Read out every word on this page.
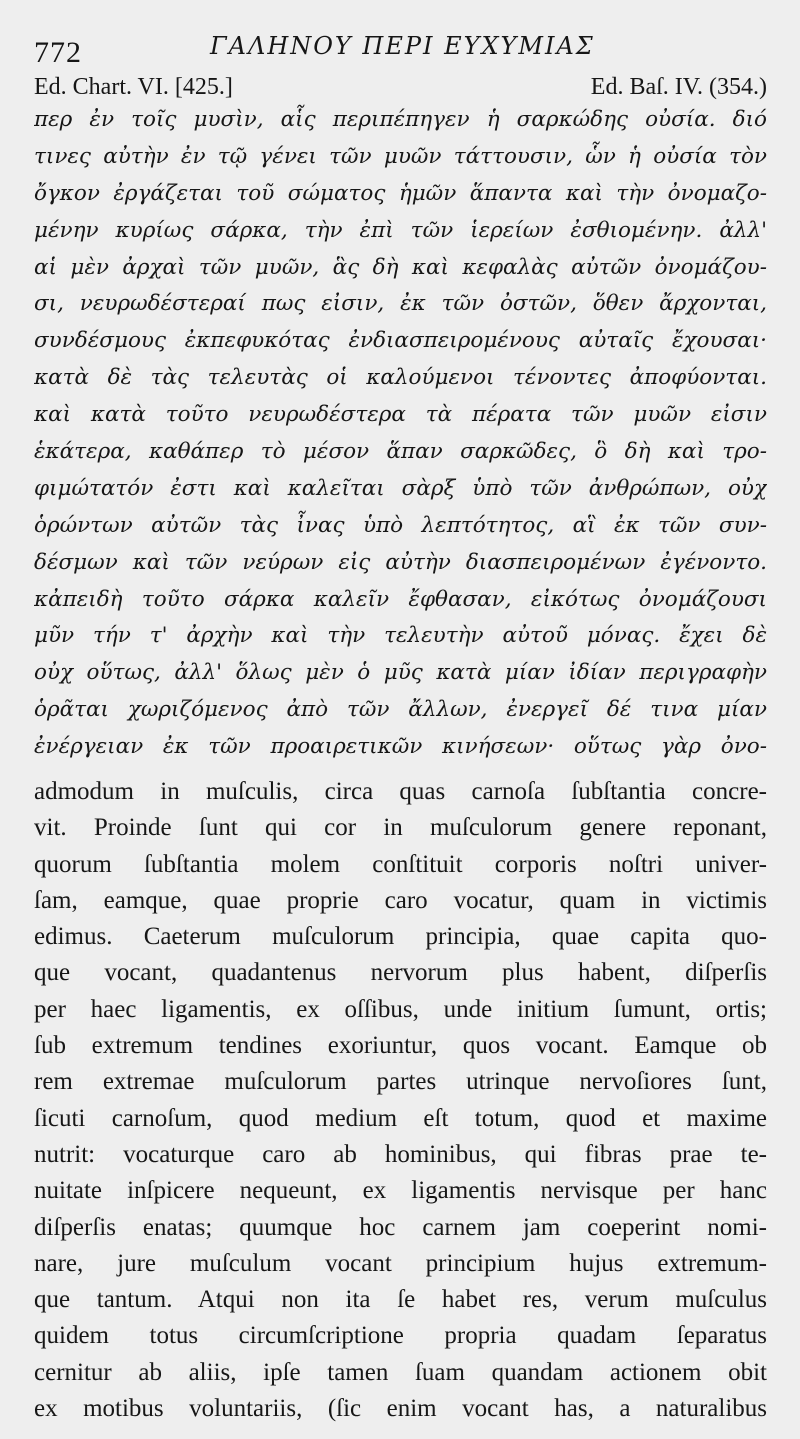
772	ΓΑΛΗΝΟΥ ΠΕΡΙ ΕΥΧΥΜΙΑΣ
Ed. Chart. VI. [425.]	Ed. Baſ. IV. (354.)
περ ἐν τοῖς μυσὶν, αἷς περιπέπηγεν ἡ σαρκώδης οὐσία. διό
τινες αὐτὴν ἐν τῷ γένει τῶν μυῶν τάττουσιν, ὧν ἡ οὐσία τὸν
ὄγκον ἐργάζεται τοῦ σώματος ἡμῶν ἅπαντα καὶ τὴν ὀνομαζο-
μένην κυρίως σάρκα, τὴν ἐπὶ τῶν ἱερείων ἐσθιομένην. ἀλλ'
αἱ μὲν ἀρχαὶ τῶν μυῶν, ἃς δὴ καὶ κεφαλὰς αὐτῶν ὀνομάζου-
σι, νευρωδέστεραί πως εἰσιν, ἐκ τῶν ὀστῶν, ὅθεν ἄρχονται,
συνδέσμους ἐκπεφυκότας ἐνδιασπειρομένους αὐταῖς ἔχουσαι·
κατὰ δὲ τὰς τελευτὰς οἱ καλούμενοι τένοντες ἀποφύονται.
καὶ κατὰ τοῦτο νευρωδέστερα τὰ πέρατα τῶν μυῶν εἰσιν
ἑκάτερα, καθάπερ τὸ μέσον ἅπαν σαρκῶδες, ὃ δὴ καὶ τρο-
φιμώτατόν ἐστι καὶ καλεῖται σὰρξ ὑπὸ τῶν ἀνθρώπων, οὐχ
ὁρώντων αὐτῶν τὰς ἶνας ὑπὸ λεπτότητος, αἳ ἐκ τῶν συν-
δέσμων καὶ τῶν νεύρων εἰς αὐτὴν διασπειρομένων ἐγένοντο.
κἀπειδὴ τοῦτο σάρκα καλεῖν ἔφθασαν, εἰκότως ὀνομάζουσι
μῦν τήν τ' ἀρχὴν καὶ τὴν τελευτὴν αὐτοῦ μόνας. ἔχει δὲ
οὐχ οὕτως, ἀλλ' ὅλως μὲν ὁ μῦς κατὰ μίαν ἰδίαν περιγραφὴν
ὁρᾶται χωριζόμενος ἀπὸ τῶν ἄλλων, ἐνεργεῖ δέ τινα μίαν
ἐνέργειαν ἐκ τῶν προαιρετικῶν κινήσεων· οὕτως γὰρ ὀνο-
admodum in muſculis, circa quas carnoſa ſubſtantia concre-
vit. Proinde ſunt qui cor in muſculorum genere reponant,
quorum ſubſtantia molem conſtituit corporis noſtri univer-
ſam, eamque, quae proprie caro vocatur, quam in victimis
edimus. Caeterum muſculorum principia, quae capita quo-
que vocant, quadantenus nervorum plus habent, diſperſis
per haec ligamentis, ex oſſibus, unde initium ſumunt, ortis;
ſub extremum tendines exoriuntur, quos vocant. Eamque ob
rem extremae muſculorum partes utrinque nervoſiores ſunt,
ſicuti carnoſum, quod medium eſt totum, quod et maxime
nutrit: vocaturque caro ab hominibus, qui fibras prae te-
nuitate inſpicere nequeunt, ex ligamentis nervisque per hanc
diſperſis enatas; quumque hoc carnem jam coeperint nomi-
nare, jure muſculum vocant principium hujus extremum-
que tantum. Atqui non ita ſe habet res, verum muſculus
quidem totus circumſcriptione propria quadam ſeparatus
cernitur ab aliis, ipſe tamen ſuam quandam actionem obit
ex motibus voluntariis, (ſic enim vocant has, a naturalibus
